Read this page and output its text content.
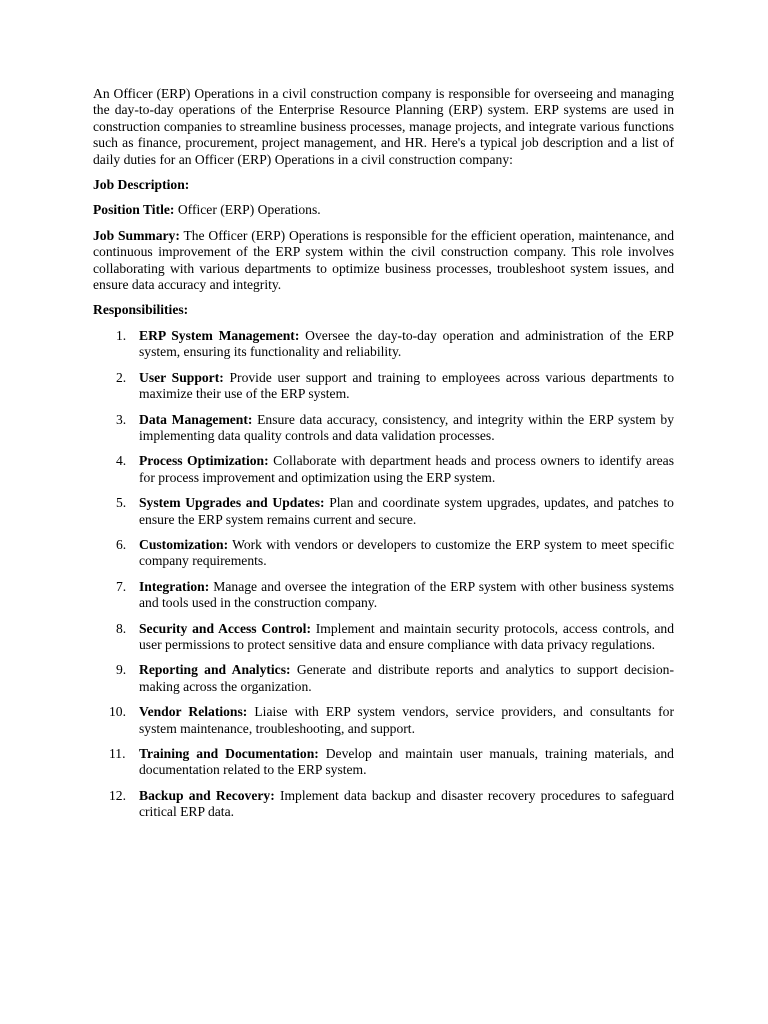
An Officer (ERP) Operations in a civil construction company is responsible for overseeing and managing the day-to-day operations of the Enterprise Resource Planning (ERP) system. ERP systems are used in construction companies to streamline business processes, manage projects, and integrate various functions such as finance, procurement, project management, and HR. Here's a typical job description and a list of daily duties for an Officer (ERP) Operations in a civil construction company:

Job Description:

Position Title: Officer (ERP) Operations.

Job Summary: The Officer (ERP) Operations is responsible for the efficient operation, maintenance, and continuous improvement of the ERP system within the civil construction company. This role involves collaborating with various departments to optimize business processes, troubleshoot system issues, and ensure data accuracy and integrity.

Responsibilities:

1. ERP System Management: Oversee the day-to-day operation and administration of the ERP system, ensuring its functionality and reliability.
2. User Support: Provide user support and training to employees across various departments to maximize their use of the ERP system.
3. Data Management: Ensure data accuracy, consistency, and integrity within the ERP system by implementing data quality controls and data validation processes.
4. Process Optimization: Collaborate with department heads and process owners to identify areas for process improvement and optimization using the ERP system.
5. System Upgrades and Updates: Plan and coordinate system upgrades, updates, and patches to ensure the ERP system remains current and secure.
6. Customization: Work with vendors or developers to customize the ERP system to meet specific company requirements.
7. Integration: Manage and oversee the integration of the ERP system with other business systems and tools used in the construction company.
8. Security and Access Control: Implement and maintain security protocols, access controls, and user permissions to protect sensitive data and ensure compliance with data privacy regulations.
9. Reporting and Analytics: Generate and distribute reports and analytics to support decision-making across the organization.
10. Vendor Relations: Liaise with ERP system vendors, service providers, and consultants for system maintenance, troubleshooting, and support.
11. Training and Documentation: Develop and maintain user manuals, training materials, and documentation related to the ERP system.
12. Backup and Recovery: Implement data backup and disaster recovery procedures to safeguard critical ERP data.
